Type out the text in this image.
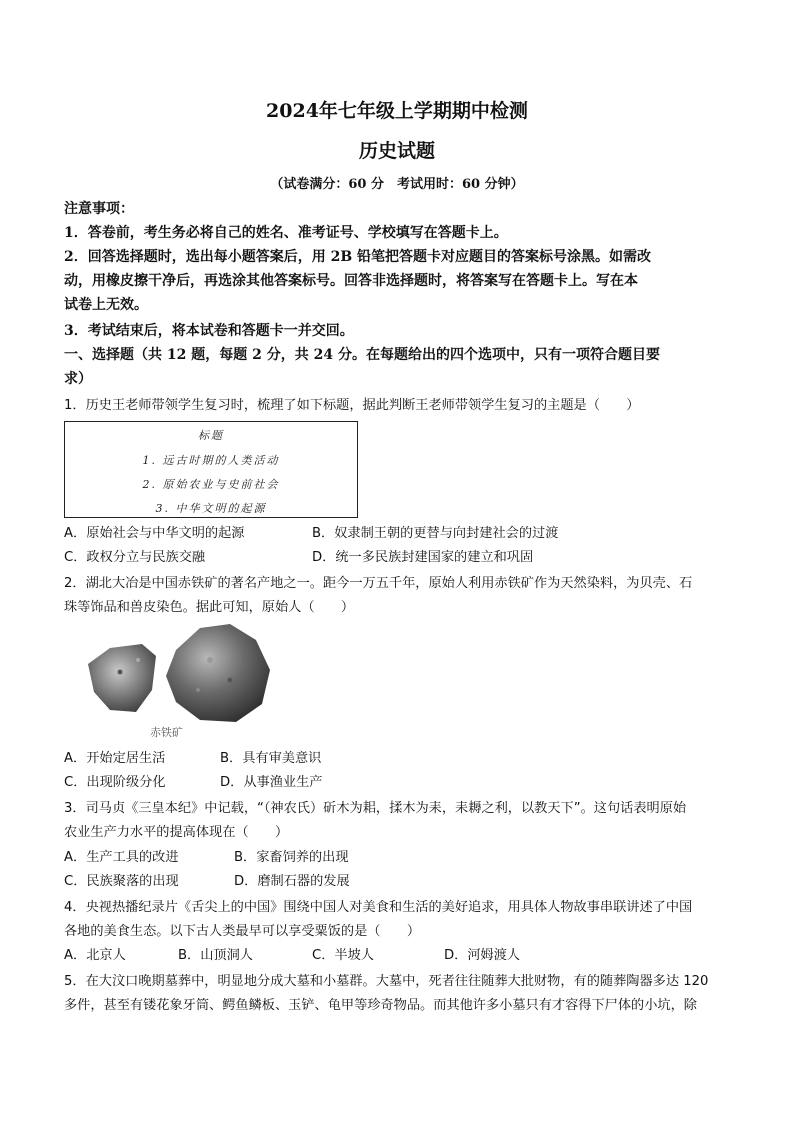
2024年七年级上学期期中检测
历史试题
（试卷满分：60 分　考试用时：60 分钟）
注意事项：
1．答卷前，考生务必将自己的姓名、准考证号、学校填写在答题卡上。
2．回答选择题时，选出每小题答案后，用 2B 铅笔把答题卡对应题目的答案标号涂黑。如需改
动，用橡皮擦干净后，再选涂其他答案标号。回答非选择题时，将答案写在答题卡上。写在本
试卷上无效。
3．考试结束后，将本试卷和答题卡一并交回。
一、选择题（共 12 题，每题 2 分，共 24 分。在每题给出的四个选项中，只有一项符合题目要
求）
1．历史王老师带领学生复习时，梳理了如下标题，据此判断王老师带领学生复习的主题是（　　）
标题
1. 远古时期的人类活动
2. 原始农业与史前社会
3. 中华文明的起源
A．原始社会与中华文明的起源	B．奴隶制王朝的更替与向封建社会的过渡
C．政权分立与民族交融	D．统一多民族封建国家的建立和巩固
2．湖北大冶是中国赤铁矿的著名产地之一。距今一万五千年，原始人利用赤铁矿作为天然染料，为贝壳、石
珠等饰品和兽皮染色。据此可知，原始人（　　）
赤铁矿
A．开始定居生活	B．具有审美意识
C．出现阶级分化	D．从事渔业生产
3．司马贞《三皇本纪》中记载，“（神农氏）斫木为耜，揉木为耒，耒耨之利，以教天下”。这句话表明原始
农业生产力水平的提高体现在（　　）
A．生产工具的改进	B．家畜饲养的出现
C．民族聚落的出现	D．磨制石器的发展
4．央视热播纪录片《舌尖上的中国》围绕中国人对美食和生活的美好追求，用具体人物故事串联讲述了中国
各地的美食生态。以下古人类最早可以享受粟饭的是（　　）
A．北京人	B．山顶洞人	C．半坡人	D．河姆渡人
5．在大汶口晚期墓葬中，明显地分成大墓和小墓群。大墓中，死者往往随葬大批财物，有的随葬陶器多达 120
多件，甚至有镂花象牙筒、鳄鱼鳞板、玉铲、龟甲等珍奇物品。而其他许多小墓只有才容得下尸体的小坑，除
